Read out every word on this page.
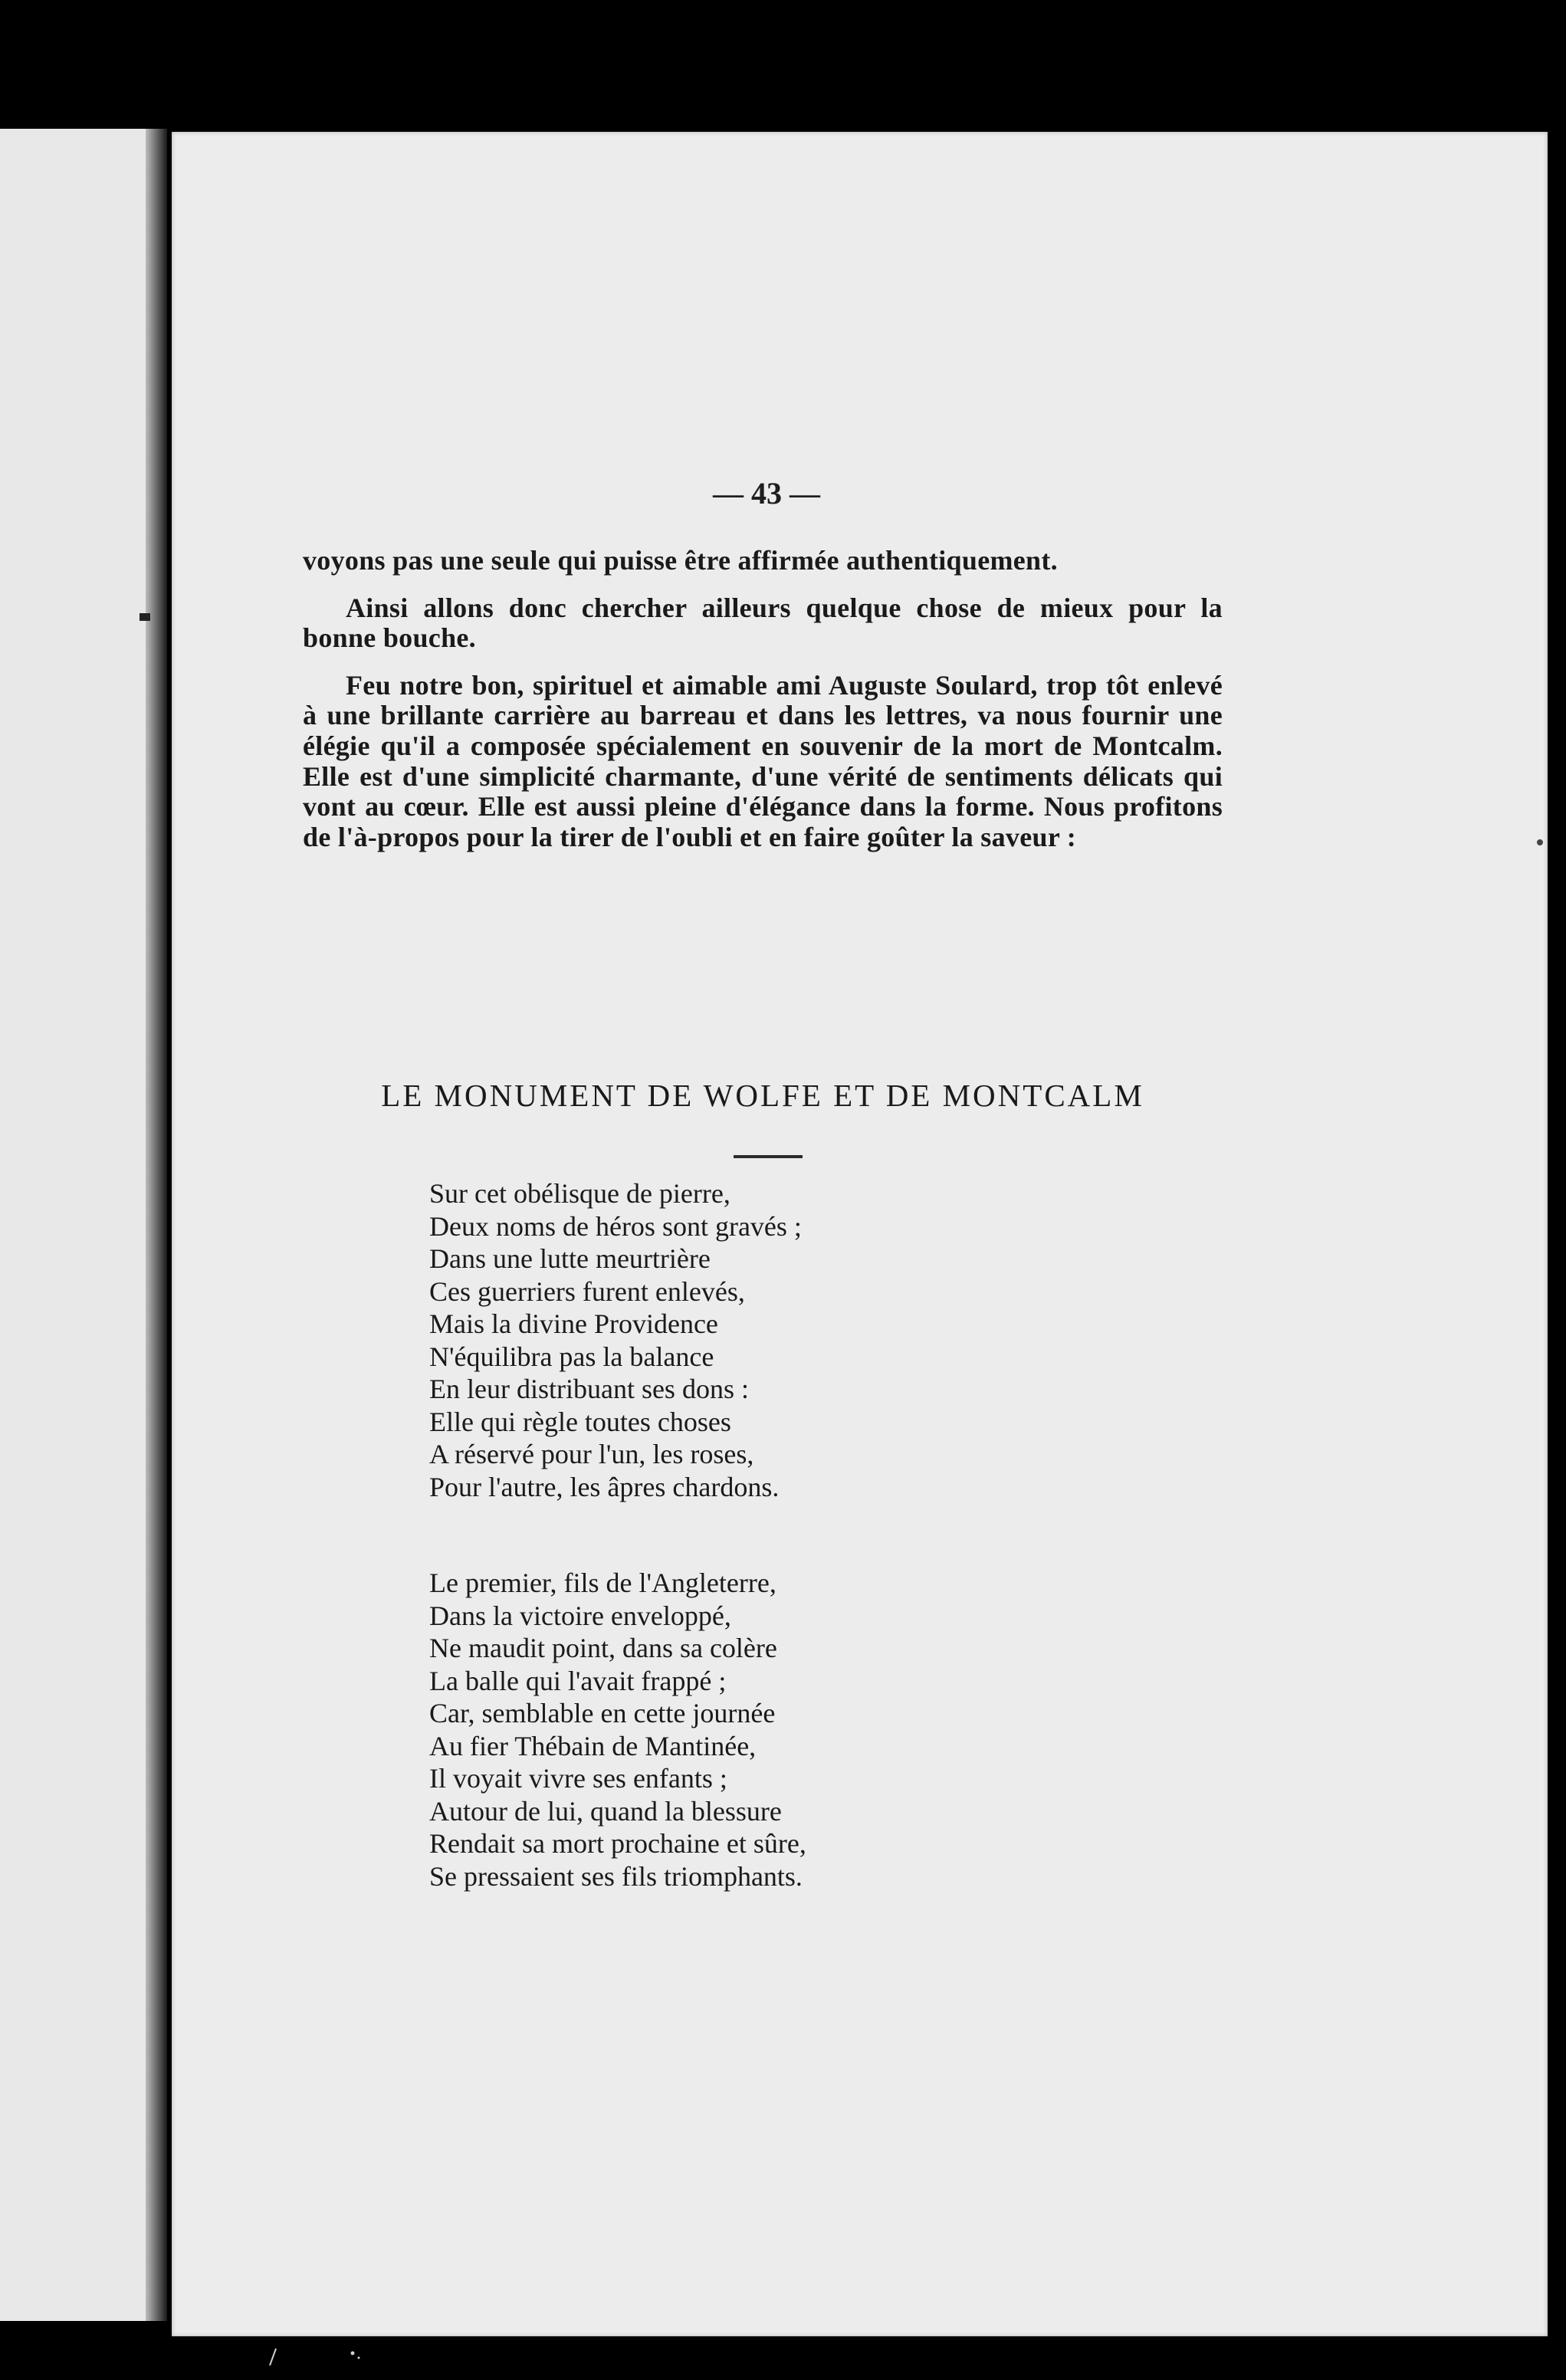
— 43 —

voyons pas une seule qui puisse être affirmée authentiquement.

Ainsi allons donc chercher ailleurs quelque chose de mieux pour la bonne bouche.

Feu notre bon, spirituel et aimable ami Auguste Soulard, trop tôt enlevé à une brillante carrière au barreau et dans les lettres, va nous fournir une élégie qu'il a composée spécialement en souvenir de la mort de Montcalm. Elle est d'une simplicité charmante, d'une vérité de sentiments délicats qui vont au cœur. Elle est aussi pleine d'élégance dans la forme. Nous profitons de l'à-propos pour la tirer de l'oubli et en faire goûter la saveur :

LE MONUMENT DE WOLFE ET DE MONTCALM
Sur cet obélisque de pierre,
Deux noms de héros sont gravés ;
Dans une lutte meurtrière
Ces guerriers furent enlevés,
Mais la divine Providence
N'équilibra pas la balance
En leur distribuant ses dons :
Elle qui règle toutes choses
A réservé pour l'un, les roses,
Pour l'autre, les âpres chardons.
Le premier, fils de l'Angleterre,
Dans la victoire enveloppé,
Ne maudit point, dans sa colère
La balle qui l'avait frappé ;
Car, semblable en cette journée
Au fier Thébain de Mantinée,
Il voyait vivre ses enfants ;
Autour de lui, quand la blessure
Rendait sa mort prochaine et sûre,
Se pressaient ses fils triomphants.
